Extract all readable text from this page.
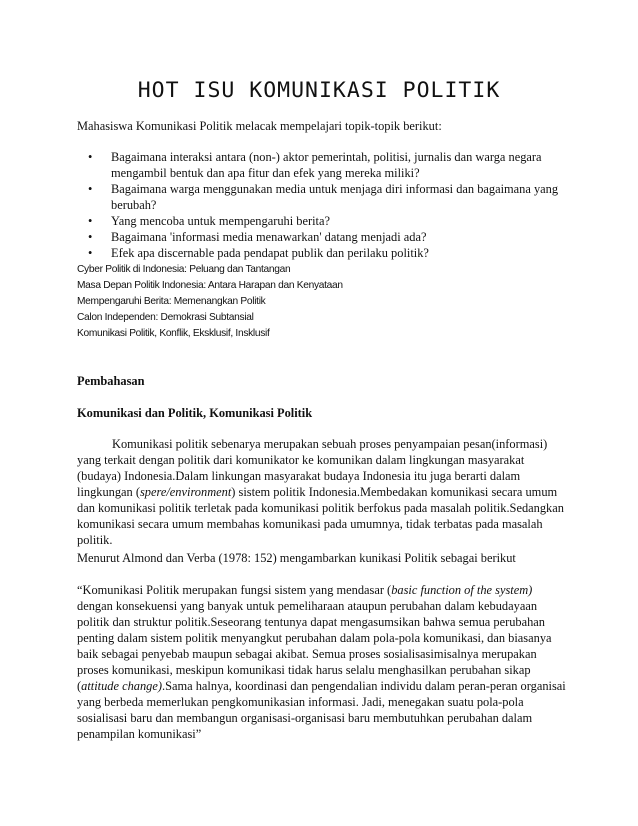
HOT ISU KOMUNIKASI POLITIK

Mahasiswa Komunikasi Politik melacak mempelajari topik-topik berikut:

• Bagaimana interaksi antara (non-) aktor pemerintah, politisi, jurnalis dan warga negara mengambil bentuk dan apa fitur dan efek yang mereka miliki?
• Bagaimana warga menggunakan media untuk menjaga diri informasi dan bagaimana yang berubah?
• Yang mencoba untuk mempengaruhi berita?
• Bagaimana 'informasi media menawarkan' datang menjadi ada?
• Efek apa discernable pada pendapat publik dan perilaku politik?
Cyber Politik di Indonesia: Peluang dan Tantangan
Masa Depan Politik Indonesia: Antara Harapan dan Kenyataan
Mempengaruhi Berita: Memenangkan Politik
Calon Independen: Demokrasi Subtansial
Komunikasi Politik, Konflik, Eksklusif, Insklusif

Pembahasan

Komunikasi dan Politik, Komunikasi Politik

Komunikasi politik sebenarya merupakan sebuah proses penyampaian pesan(informasi) yang terkait dengan politik dari komunikator ke komunikan dalam lingkungan masyarakat (budaya) Indonesia.Dalam linkungan masyarakat budaya Indonesia itu juga berarti dalam lingkungan (spere/environment) sistem politik Indonesia.Membedakan komunikasi secara umum dan komunikasi politik terletak pada komunikasi politik berfokus pada masalah politik.Sedangkan komunikasi secara umum membahas komunikasi pada umumnya, tidak terbatas pada masalah politik.

Menurut Almond dan Verba (1978: 152) mengambarkan kunikasi Politik sebagai berikut

“Komunikasi Politik merupakan fungsi sistem yang mendasar (basic function of the system) dengan konsekuensi yang banyak untuk pemeliharaan ataupun perubahan dalam kebudayaan politik dan struktur politik.Seseorang tentunya dapat mengasumsikan bahwa semua perubahan penting dalam sistem politik menyangkut perubahan dalam pola-pola komunikasi, dan biasanya baik sebagai penyebab maupun sebagai akibat. Semua proses sosialisasimisalnya merupakan proses komunikasi, meskipun komunikasi tidak harus selalu menghasilkan perubahan sikap (attitude change).Sama halnya, koordinasi dan pengendalian individu dalam peran-peran organisai yang berbeda memerlukan pengkomunikasian informasi. Jadi, menegakan suatu pola-pola sosialisasi baru dan membangun organisasi-organisasi baru membutuhkan perubahan dalam penampilan komunikasi”
